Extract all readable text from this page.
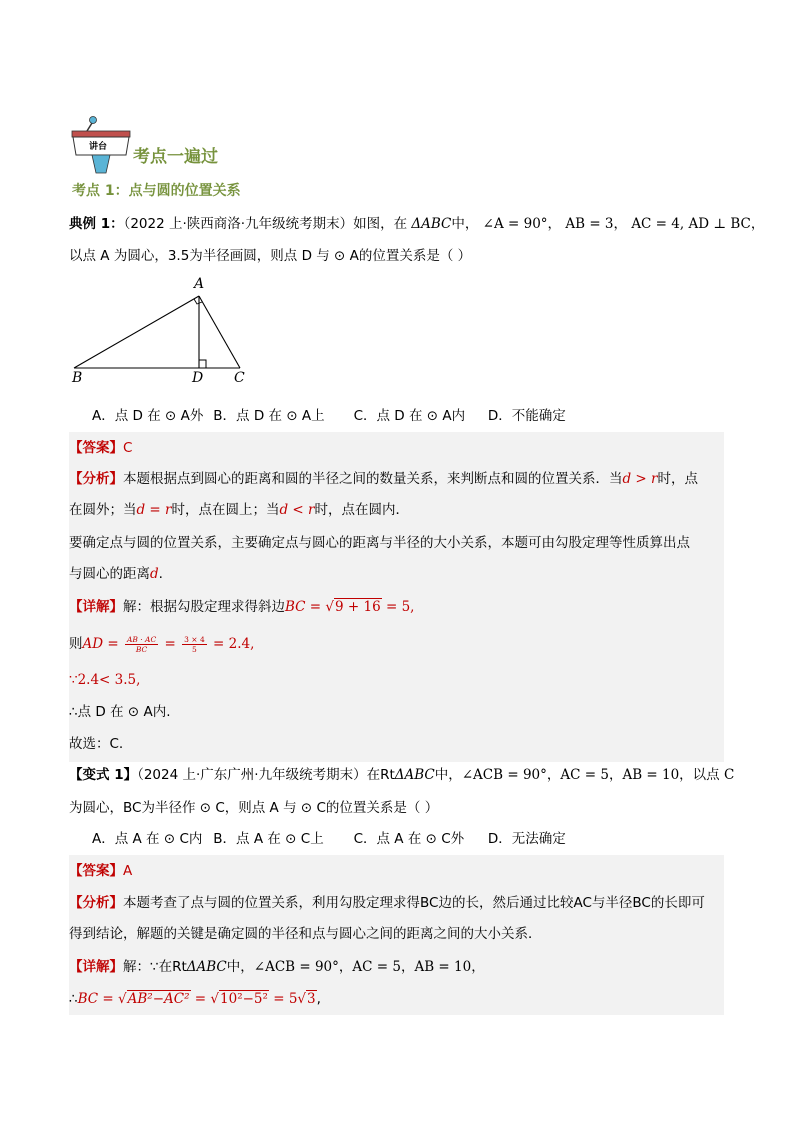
讲台 考点一遍过
考点 1：点与圆的位置关系
典例 1：（2022 上·陕西商洛·九年级统考期末）如图，在 ΔABC中， ∠A = 90°， AB = 3， AC = 4, AD ⊥ BC，
以点 A 为圆心，3.5为半径画圆，则点 D 与 ⊙ A的位置关系是（ ）
A
B	D C
A．点 D 在 ⊙ A外 B．点 D 在 ⊙ A上 C．点 D 在 ⊙ A内 D．不能确定
【答案】C
【分析】本题根据点到圆心的距离和圆的半径之间的数量关系，来判断点和圆的位置关系．当d > r时，点
在圆外；当d = r时，点在圆上；当d < r时，点在圆内．
要确定点与圆的位置关系，主要确定点与圆心的距离与半径的大小关系，本题可由勾股定理等性质算出点
与圆心的距离d.
【详解】解：根据勾股定理求得斜边BC = √9 + 16 = 5,
则AD = $\frac{AB \cdot AC}{BC} = \frac{3 \times 4}{5} = 2.4$,
∵2.4< 3.5,
∴点 D 在 ⊙ A内.
故选：C.
【变式 1】（2024 上·广东广州·九年级统考期末）在RtΔABC中，∠ACB = 90°，AC = 5，AB = 10，以点 C
为圆心，BC为半径作 ⊙ C，则点 A 与 ⊙ C的位置关系是（ ）
A．点 A 在 ⊙ C内 B．点 A 在 ⊙ C上 C．点 A 在 ⊙ C外 D．无法确定
【答案】A
【分析】本题考查了点与圆的位置关系，利用勾股定理求得BC边的长，然后通过比较AC与半径BC的长即可
得到结论，解题的关键是确定圆的半径和点与圆心之间的距离之间的大小关系．
【详解】解：∵在RtΔABC中，∠ACB = 90°，AC = 5，AB = 10，
∴BC = √AB²−AC² = √10²−5² = 5√3,
